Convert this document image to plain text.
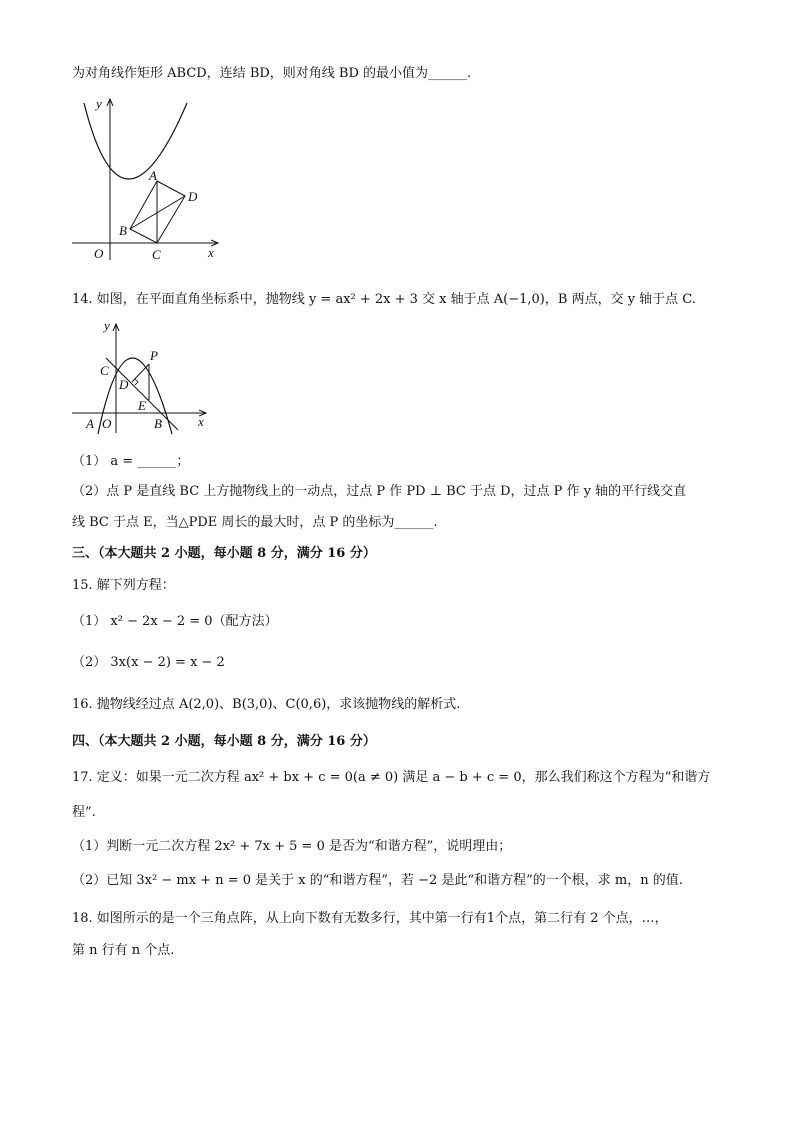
为对角线作矩形 ABCD，连结 BD，则对角线 BD 的最小值为______.
y
x
O
A
B
C
D
14. 如图，在平面直角坐标系中，抛物线 y = ax² + 2x + 3 交 x 轴于点 A(−1,0)，B 两点，交 y 轴于点 C.
y
x
A O	B
C
D
E
P
（1） a = ______；
（2）点 P 是直线 BC 上方抛物线上的一动点，过点 P 作 PD ⊥ BC 于点 D，过点 P 作 y 轴的平行线交直
线 BC 于点 E，当△PDE 周长的最大时，点 P 的坐标为______.
三、（本大题共 2 小题，每小题 8 分，满分 16 分）
15. 解下列方程：
（1） x² − 2x − 2 = 0（配方法）
（2） 3x(x − 2) = x − 2
16. 抛物线经过点 A(2,0)、B(3,0)、C(0,6)，求该抛物线的解析式.
四、（本大题共 2 小题，每小题 8 分，满分 16 分）
17. 定义：如果一元二次方程 ax² + bx + c = 0(a ≠ 0) 满足 a − b + c = 0，那么我们称这个方程为“和谐方
程”.
（1）判断一元二次方程 2x² + 7x + 5 = 0 是否为“和谐方程”，说明理由；
（2）已知 3x² − mx + n = 0 是关于 x 的“和谐方程”，若 −2 是此“和谐方程”的一个根，求 m，n 的值.
18. 如图所示的是一个三角点阵，从上向下数有无数多行，其中第一行有1个点，第二行有 2 个点，…，
第 n 行有 n 个点.
